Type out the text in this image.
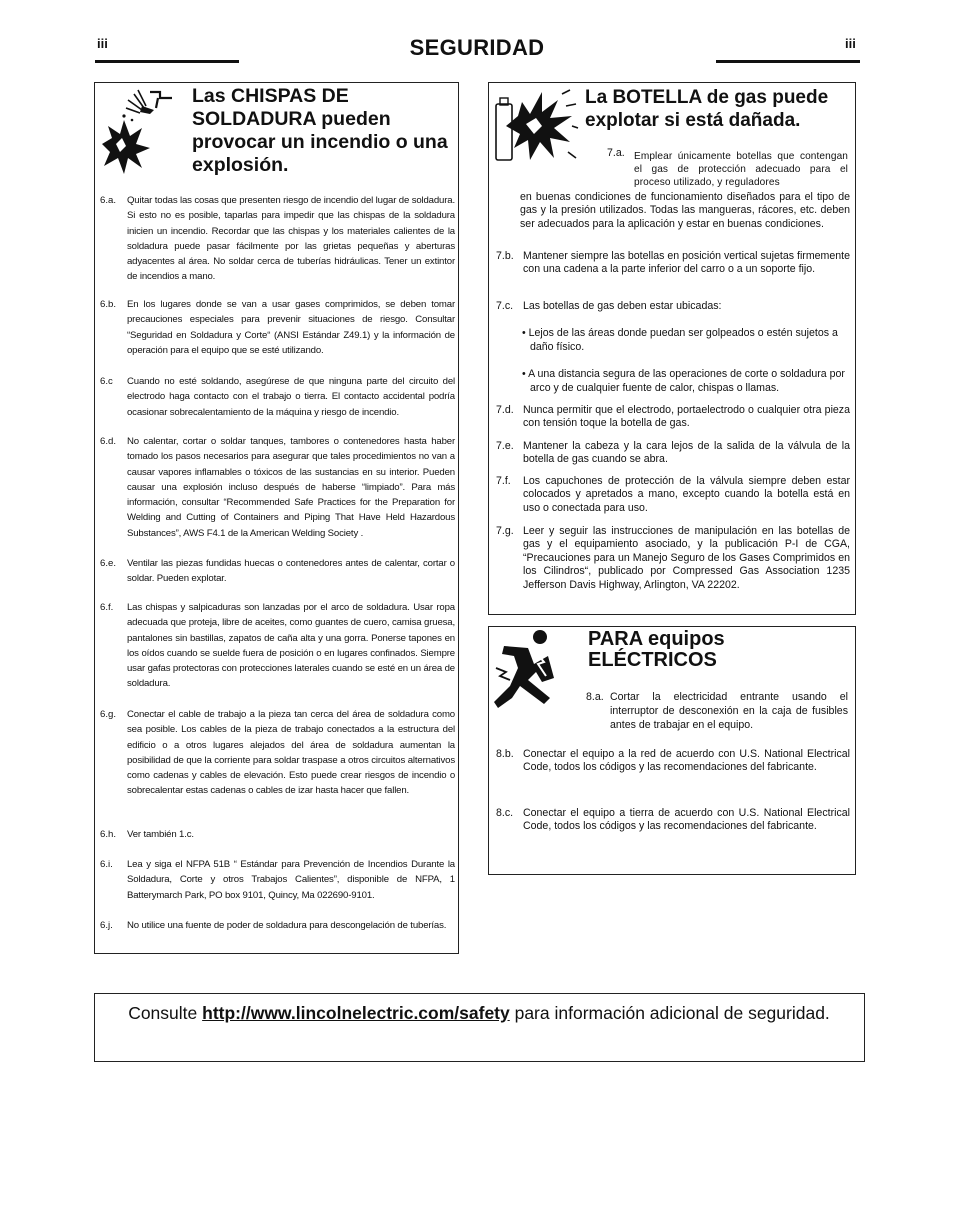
iii	iii
SEGURIDAD
Las CHISPAS DE SOLDADURA pueden provocar un incendio o una explosión.
6.a.	Quitar todas las cosas que presenten riesgo de incendio del lugar de soldadura. Si esto no es posible, taparlas para impedir que las chispas de la soldadura inicien un incendio. Recordar que las chispas y los materiales calientes de la soldadura puede pasar fácilmente por las grietas pequeñas y aberturas adyacentes al área. No soldar cerca de tuberías hidráulicas. Tener un extintor de incendios a mano.
6.b.	En los lugares donde se van a usar gases comprimidos, se deben tomar precauciones especiales para prevenir situaciones de riesgo. Consultar “Seguridad en Soldadura y Corte“ (ANSI Estándar Z49.1) y la información de operación para el equipo que se esté utilizando.
6.c	Cuando no esté soldando, asegúrese de que ninguna parte del circuito del electrodo haga contacto con el trabajo o tierra. El contacto accidental podría ocasionar sobrecalentamiento de la máquina y riesgo de incendio.
6.d.	No calentar, cortar o soldar tanques, tambores o contenedores hasta haber tomado los pasos necesarios para asegurar que tales procedimientos no van a causar vapores inflamables o tóxicos de las sustancias en su interior. Pueden causar una explosión incluso después de haberse “limpiado”. Para más información, consultar “Recommended Safe Practices for the Preparation for Welding and Cutting of Containers and Piping That Have Held Hazardous Substances”, AWS F4.1 de la American Welding Society .
6.e.	Ventilar las piezas fundidas huecas o contenedores antes de calentar, cortar o soldar. Pueden explotar.
6.f.	Las chispas y salpicaduras son lanzadas por el arco de soldadura. Usar ropa adecuada que proteja, libre de aceites, como guantes de cuero, camisa gruesa, pantalones sin bastillas, zapatos de caña alta y una gorra. Ponerse tapones en los oídos cuando se suelde fuera de posición o en lugares confinados. Siempre usar gafas protectoras con protecciones laterales cuando se esté en un área de soldadura.
6.g.	Conectar el cable de trabajo a la pieza tan cerca del área de soldadura como sea posible. Los cables de la pieza de trabajo conectados a la estructura del edificio o a otros lugares alejados del área de soldadura aumentan la posibilidad de que la corriente para soldar traspase a otros circuitos alternativos como cadenas y cables de elevación. Esto puede crear riesgos de incendio o sobrecalentar estas cadenas o cables de izar hasta hacer que fallen.
6.h.	Ver también 1.c.
6.i.	Lea y siga el NFPA 51B “ Estándar para Prevención de Incendios Durante la Soldadura, Corte y otros Trabajos Calientes”, disponible de NFPA, 1 Batterymarch Park, PO box 9101, Quincy, Ma 022690-9101.
6.j.	No utilice una fuente de poder de soldadura para descongelación de tuberías.
La BOTELLA de gas puede explotar si está dañada.
7.a. Emplear únicamente botellas que contengan el gas de protección adecuado para el proceso utilizado, y reguladores
en buenas condiciones de funcionamiento diseñados para el tipo de gas y la presión utilizados. Todas las mangueras, rácores, etc. deben ser adecuados para la aplicación y estar en buenas condiciones.
7.b. Mantener siempre las botellas en posición vertical sujetas firmemente con una cadena a la parte inferior del carro o a un soporte fijo.
7.c. Las botellas de gas deben estar ubicadas:
• Lejos de las áreas donde puedan ser golpeados o estén sujetos a daño físico.
• A una distancia segura de las operaciones de corte o soldadura por arco y de cualquier fuente de calor, chispas o llamas.
7.d. Nunca permitir que el electrodo, portaelectrodo o cualquier otra pieza con tensión toque la botella de gas.
7.e. Mantener la cabeza y la cara lejos de la salida de la válvula de la botella de gas cuando se abra.
7.f.	Los capuchones de protección de la válvula siempre deben estar colocados y apretados a mano, excepto cuando la botella está en uso o conectada para uso.
7.g. Leer y seguir las instrucciones de manipulación en las botellas de gas y el equipamiento asociado, y la publicación P-I de CGA, “Precauciones para un Manejo Seguro de los Gases Comprimidos en los Cilindros“, publicado por Compressed Gas Association 1235 Jefferson Davis Highway, Arlington, VA 22202.
PARA equipos
ELÉCTRICOS
8.a. Cortar la electricidad entrante usando el interruptor de desconexión en la caja de fusibles antes de trabajar en el equipo.
8.b. Conectar el equipo a la red de acuerdo con U.S. National Electrical Code, todos los códigos y las recomendaciones del fabricante.
8.c. Conectar el equipo a tierra de acuerdo con U.S. National Electrical Code, todos los códigos y las recomendaciones del fabricante.
Consulte http://www.lincolnelectric.com/safety para información adicional de seguridad.
